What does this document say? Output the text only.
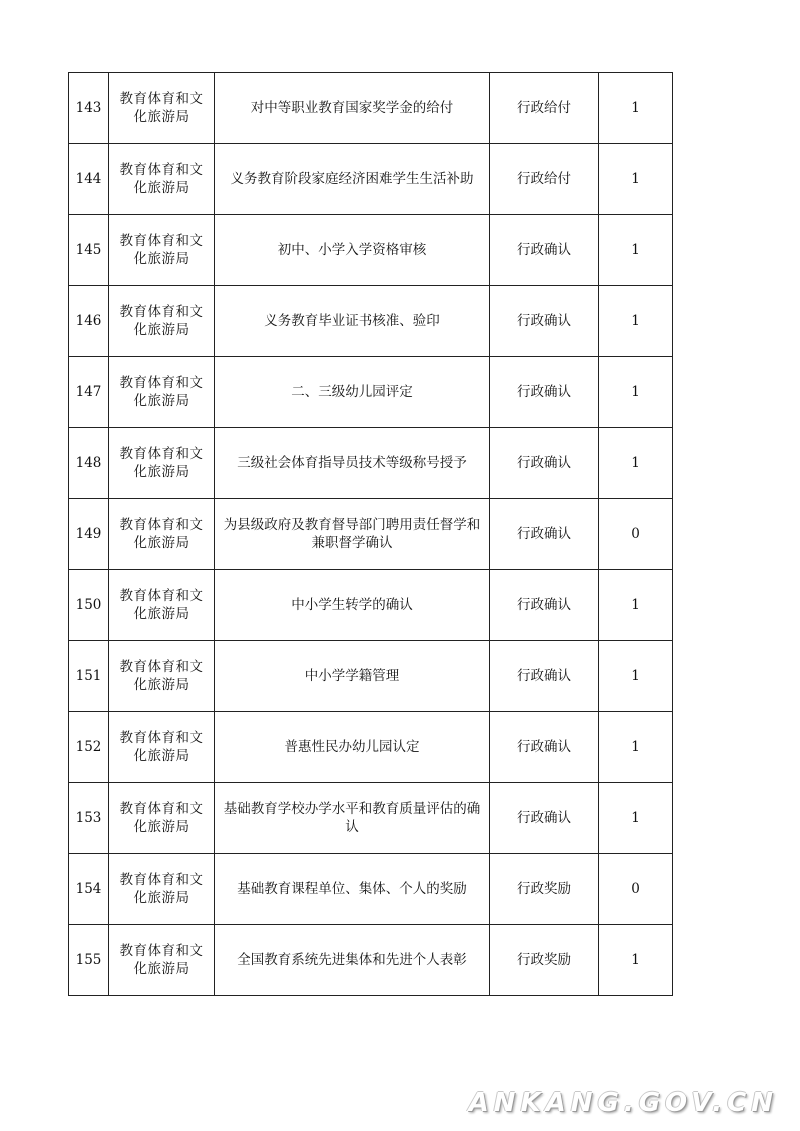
143	教育体育和文化旅游局	对中等职业教育国家奖学金的给付	行政给付	1
144	教育体育和文化旅游局	义务教育阶段家庭经济困难学生生活补助	行政给付	1
145	教育体育和文化旅游局	初中、小学入学资格审核	行政确认	1
146	教育体育和文化旅游局	义务教育毕业证书核准、验印	行政确认	1
147	教育体育和文化旅游局	二、三级幼儿园评定	行政确认	1
148	教育体育和文化旅游局	三级社会体育指导员技术等级称号授予	行政确认	1
149	教育体育和文化旅游局	为县级政府及教育督导部门聘用责任督学和兼职督学确认	行政确认	0
150	教育体育和文化旅游局	中小学生转学的确认	行政确认	1
151	教育体育和文化旅游局	中小学学籍管理	行政确认	1
152	教育体育和文化旅游局	普惠性民办幼儿园认定	行政确认	1
153	教育体育和文化旅游局	基础教育学校办学水平和教育质量评估的确认	行政确认	1
154	教育体育和文化旅游局	基础教育课程单位、集体、个人的奖励	行政奖励	0
155	教育体育和文化旅游局	全国教育系统先进集体和先进个人表彰	行政奖励	1
ANKANG.GOV.CN
